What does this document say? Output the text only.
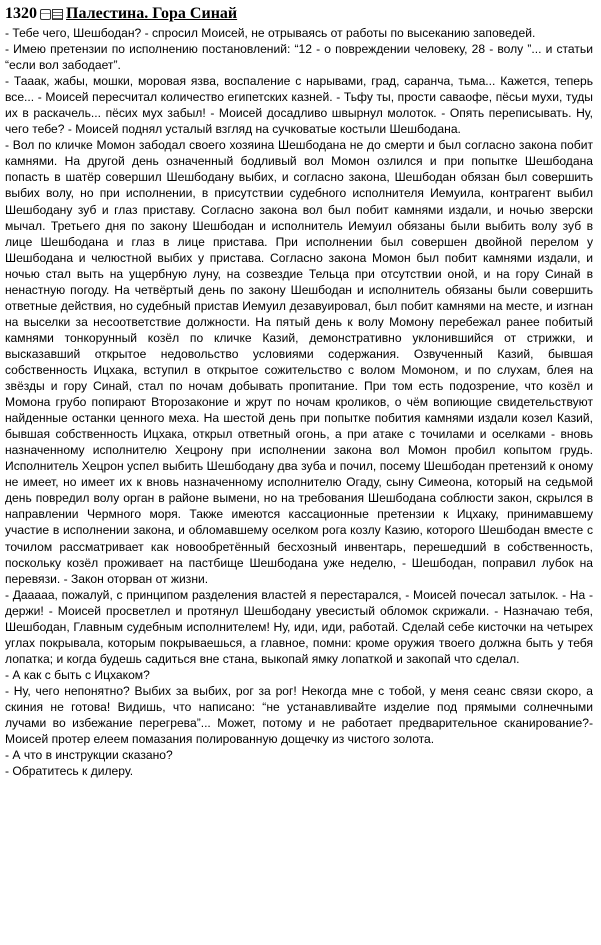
1320 Палестина. Гора Синай

- Тебе чего, Шешбодан? - спросил Моисей, не отрываясь от работы по высеканию заповедей.

- Имею претензии по исполнению постановлений: “12 - о повреждении человеку, 28 - волу ”... и статьи “если вол забодает”.

- Тааак, жабы, мошки, моровая язва, воспаление с нарывами, град, саранча, тьма... Кажется, теперь все... - Моисей пересчитал количество египетских казней. - Тьфу ты, прости саваофе, пёсьи мухи, туды их в раскачель... пёсих мух забыл! - Моисей досадливо швырнул молоток. - Опять переписывать. Ну, чего тебе? - Моисей поднял усталый взгляд на сучковатые костыли Шешбодана.

- Вол по кличке Момон забодал своего хозяина Шешбодана не до смерти и был согласно закона побит камнями. На другой день означенный бодливый вол Момон озлился и при попытке Шешбодана попасть в шатёр совершил Шешбодану выбих, и согласно закона, Шешбодан обязан был совершить выбих волу, но при исполнении, в присутствии судебного исполнителя Иемуила, контрагент выбил Шешбодану зуб и глаз приставу. Согласно закона вол был побит камнями издали, и ночью зверски мычал. Третьего дня по закону Шешбодан и исполнитель Иемуил обязаны были выбить волу зуб в лице Шешбодана и глаз в лице пристава. При исполнении был совершен двойной перелом у Шешбодана и челюстной выбих у пристава. Согласно закона Момон был побит камнями издали, и ночью стал выть на ущербную луну, на созвездие Тельца при отсутствии оной, и на гору Синай в ненастную погоду. На четвёртый день по закону Шешбодан и исполнитель обязаны были совершить ответные действия, но судебный пристав Иемуил дезавуировал, был побит камнями на месте, и изгнан на выселки за несоответствие должности. На пятый день к волу Момону перебежал ранее побитый камнями тонкорунный козёл по кличке Казий, демонстративно уклонившийся от стрижки, и высказавший открытое недовольство условиями содержания. Озвученный Казий, бывшая собственность Ицхака, вступил в открытое сожительство с волом Момоном, и по слухам, блея на звёзды и гору Синай, стал по ночам добывать пропитание. При том есть подозрение, что козёл и Момона грубо попирают Второзаконие и жрут по ночам кроликов, о чём вопиющие свидетельствуют найденные останки ценного меха. На шестой день при попытке побития камнями издали козел Казий, бывшая собственность Ицхака, открыл ответный огонь, а при атаке с точилами и оселками - вновь назначенному исполнителю Хецрону при исполнении закона вол Момон пробил копытом грудь. Исполнитель Хецрон успел выбить Шешбодану два зуба и почил, посему Шешбодан претензий к оному не имеет, но имеет их к вновь назначенному исполнителю Огаду, сыну Симеона, который на седьмой день повредил волу орган в районе вымени, но на требования Шешбодана соблюсти закон, скрылся в направлении Чермного моря. Также имеются кассационные претензии к Ицхаку, принимавшему участие в исполнении закона, и обломавшему оселком рога козлу Казию, которого Шешбодан вместе с точилом рассматривает как новообретённый бесхозный инвентарь, перешедший в собственность, поскольку козёл проживает на пастбище Шешбодана уже неделю, - Шешбодан, поправил лубок на перевязи. - Закон оторван от жизни.

- Дааааа, пожалуй, с принципом разделения властей я перестарался, - Моисей почесал затылок. - На - держи! - Моисей просветлел и протянул Шешбодану увесистый обломок скрижали. - Назначаю тебя, Шешбодан, Главным судебным исполнителем! Ну, иди, иди, работай. Сделай себе кисточки на четырех углах покрывала, которым покрываешься, а главное, помни: кроме оружия твоего должна быть у тебя лопатка; и когда будешь садиться вне стана, выкопай ямку лопаткой и закопай что сделал.

- А как с быть с Ицхаком?

- Ну, чего непонятно? Выбих за выбих, рог за рог! Некогда мне с тобой, у меня сеанс связи скоро, а скиния не готова! Видишь, что написано: “не устанавливайте изделие под прямыми солнечными лучами во избежание перегрева”... Может, потому и не работает предварительное сканирование?- Моисей протер елеем помазания полированную дощечку из чистого золота.

- А что в инструкции сказано?

- Обратитесь к дилеру.
